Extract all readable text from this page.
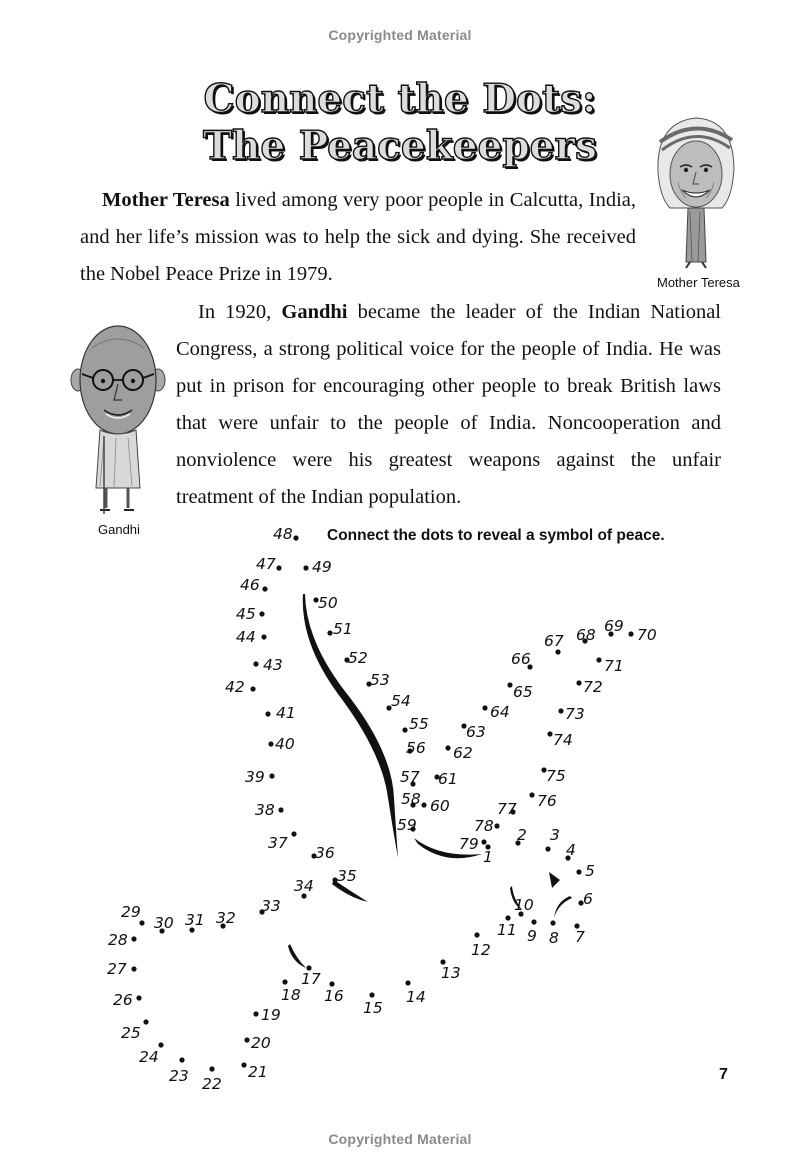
Copyrighted Material
Connect the Dots:
The Peacekeepers
Mother Teresa
Gandhi

Mother Teresa lived among very poor people in Calcutta, India, and her life’s mission was to help the sick and dying. She received the Nobel Peace Prize in 1979.

In 1920, Gandhi became the leader of the Indian National Congress, a strong political voice for the people of India. He was put in prison for encouraging other people to break British laws that were unfair to the people of India. Noncooperation and nonviolence were his greatest weapons against the unfair treatment of the Indian population.

Connect the dots to reveal a symbol of peace.
1
2 3
4
5
6
7
8
9
10
11
12
13
14
15
16
17
18
19
20
21
22
23
24
25
26
27
28
29
30 31 32
33
34
35
36
37
38
39
40
41
42
43
44
45
46
47
48
49
50
51
52
53
54
55
56
57
58
59
60
61
62
63
64
65
66
67 68 69 70
71
72
73
74
75
76
77
78
79
7
Copyrighted Material
